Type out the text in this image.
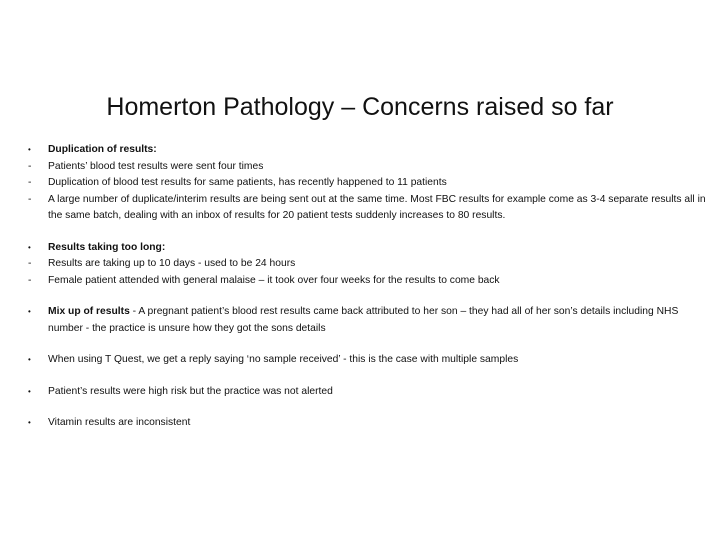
Homerton Pathology – Concerns raised so far
•	Duplication of results:
-	Patients’ blood test results were sent four times
-	Duplication of blood test results for same patients, has recently happened to 11 patients
-	A large number of duplicate/interim results are being sent out at the same time. Most FBC results for example come as 3-4 separate results all in the same batch, dealing with an inbox of results for 20 patient tests suddenly increases to 80 results.
•	Results taking too long:
-	Results are taking up to 10 days - used to be 24 hours
-	Female patient attended with general malaise – it took over four weeks for the results to come back
•	Mix up of results - A pregnant patient’s blood rest results came back attributed to her son – they had all of her son’s details including NHS number - the practice is unsure how they got the sons details
•	When using T Quest, we get a reply saying ‘no sample received’ - this is the case with multiple samples
•	Patient’s results were high risk but the practice was not alerted
•	Vitamin results are inconsistent
